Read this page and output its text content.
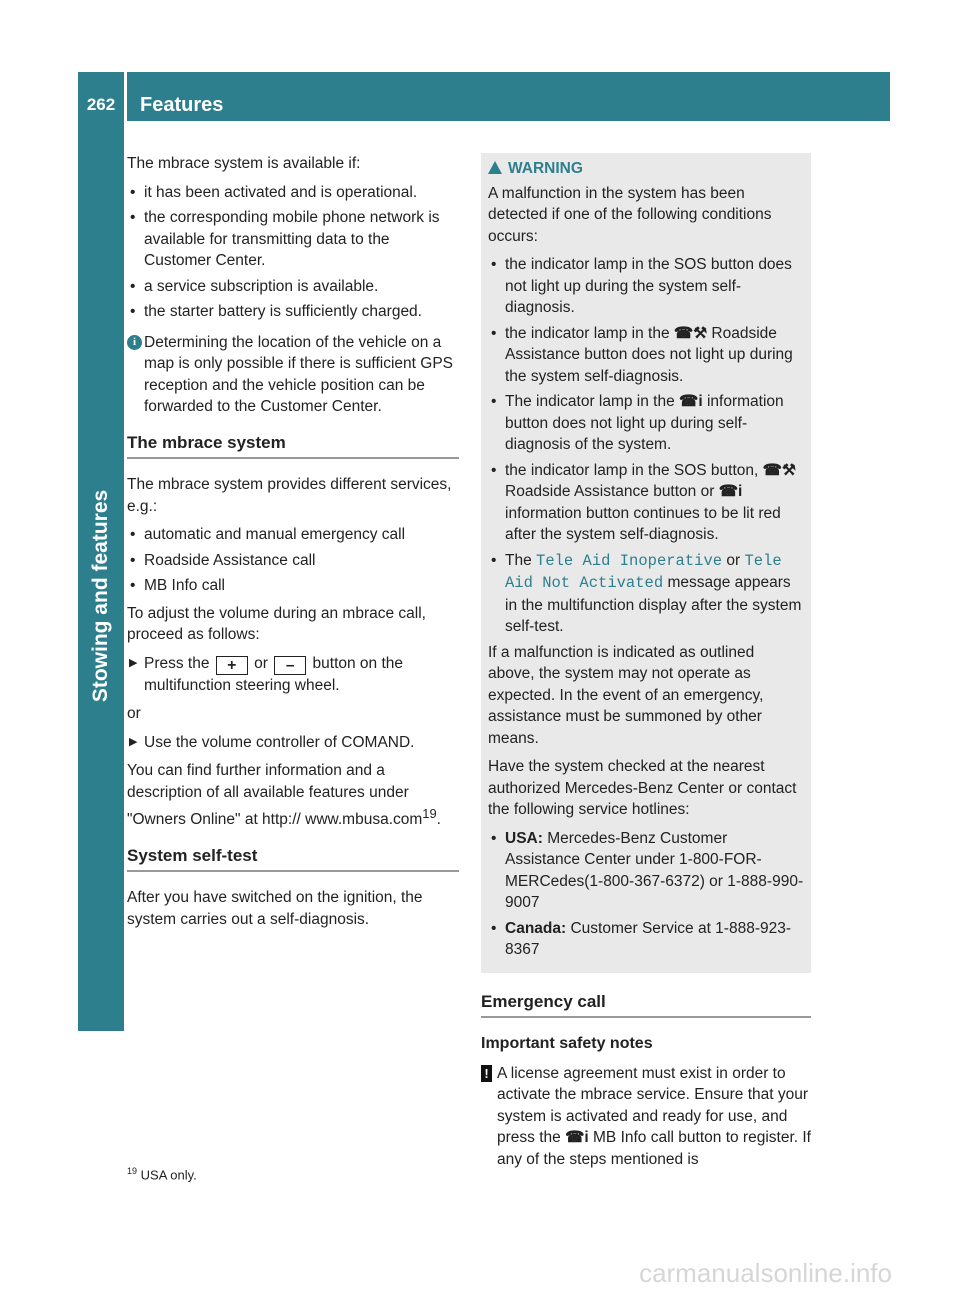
262	Features
Stowing and features

The mbrace system is available if:

• it has been activated and is operational.
• the corresponding mobile phone network is available for transmitting data to the Customer Center.
• a service subscription is available.
• the starter battery is sufficiently charged.
i Determining the location of the vehicle on a map is only possible if there is sufficient GPS reception and the vehicle position can be forwarded to the Customer Center.
The mbrace system

The mbrace system provides different services, e.g.:

• automatic and manual emergency call
• Roadside Assistance call
• MB Info call

To adjust the volume during an mbrace call, proceed as follows:

▶ Press the + or – button on the multifunction steering wheel.

or

▶ Use the volume controller of COMAND.

You can find further information and a description of all available features under "Owners Online" at http:// www.mbusa.com$^{19}$.

System self-test

After you have switched on the ignition, the system carries out a self-diagnosis.

WARNING

A malfunction in the system has been detected if one of the following conditions occurs:

• the indicator lamp in the SOS button does not light up during the system self-diagnosis.
• the indicator lamp in the ☎⚒ Roadside Assistance button does not light up during the system self-diagnosis.
• The indicator lamp in the ☎i information button does not light up during self-diagnosis of the system.
• the indicator lamp in the SOS button, ☎⚒ Roadside Assistance button or ☎i information button continues to be lit red after the system self-diagnosis.
• The Tele Aid Inoperative or Tele Aid Not Activated message appears in the multifunction display after the system self-test.

If a malfunction is indicated as outlined above, the system may not operate as expected. In the event of an emergency, assistance must be summoned by other means.

Have the system checked at the nearest authorized Mercedes-Benz Center or contact the following service hotlines:

• USA: Mercedes-Benz Customer Assistance Center under 1-800-FOR-MERCedes(1-800-367-6372) or 1-888-990-9007
• Canada: Customer Service at 1-888-923-8367
Emergency call
Important safety notes
! A license agreement must exist in order to activate the mbrace service. Ensure that your system is activated and ready for use, and press the ☎i MB Info call button to register. If any of the steps mentioned is
$^{19}$ USA only.
carmanualsonline.info
